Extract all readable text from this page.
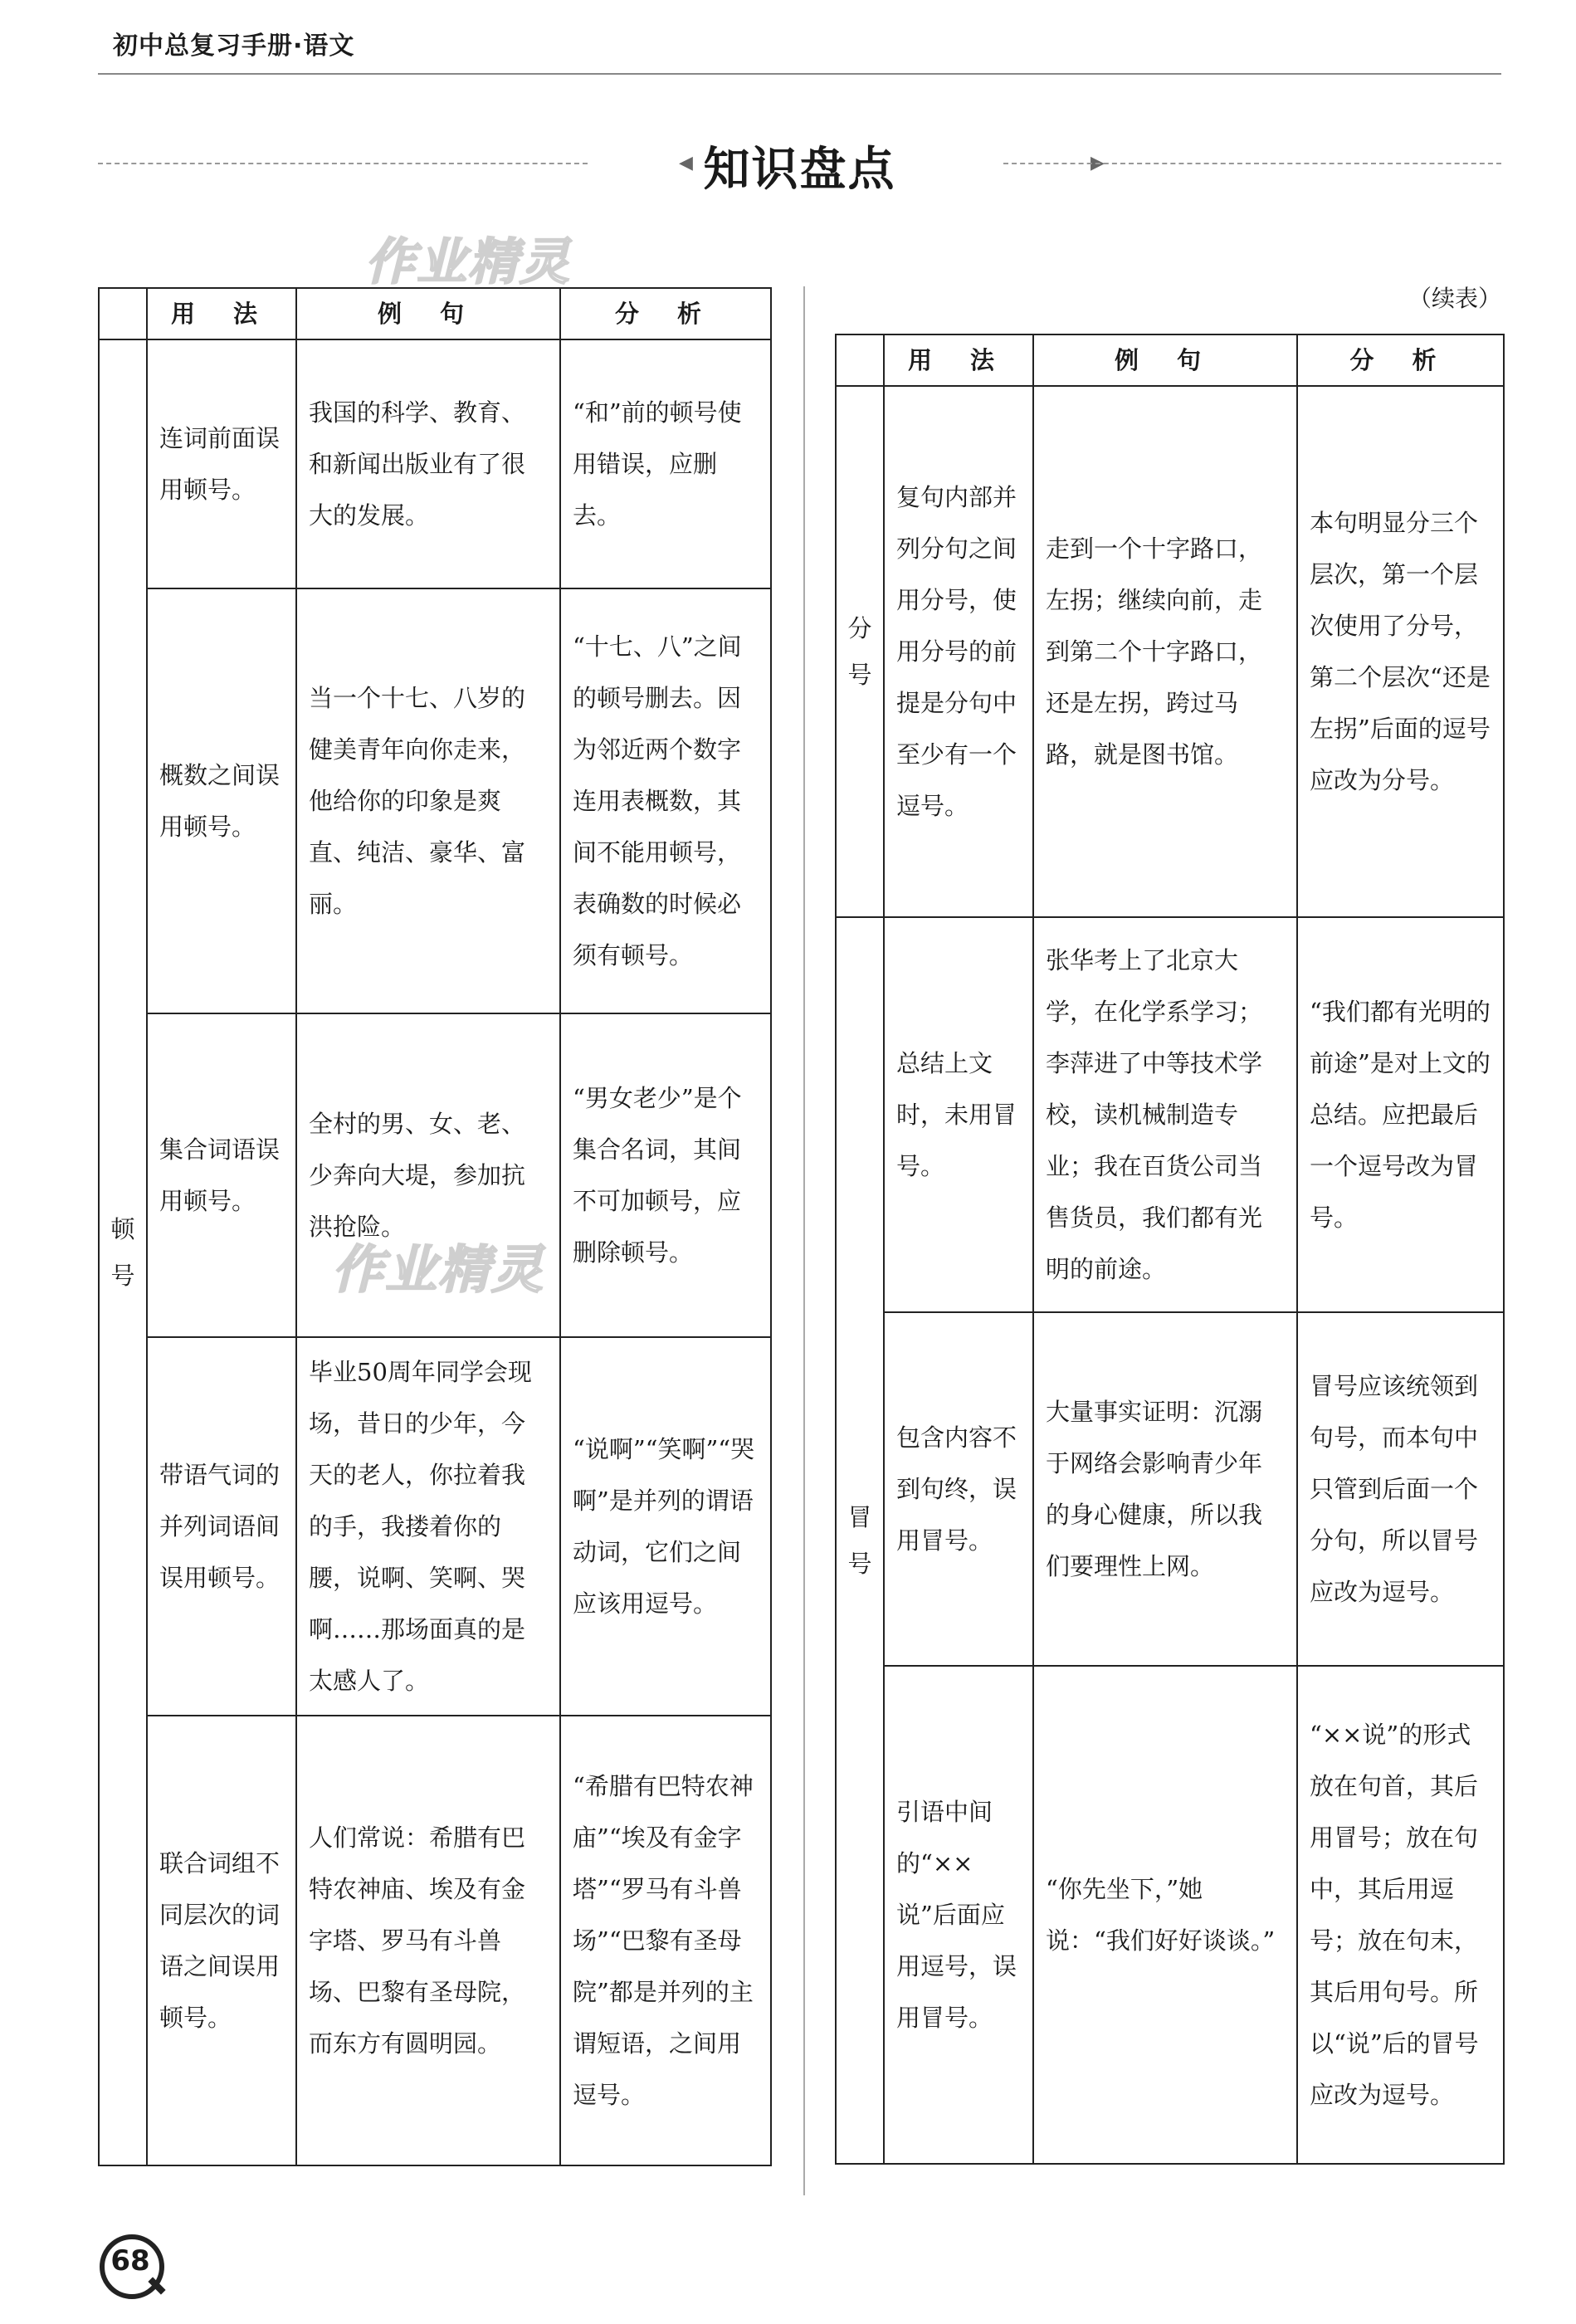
初中总复习手册·语文
◀ 知识盘点	▶
作业精灵
（续表）
	用 法	例 句	分 析

顿
号	连词前面误用顿号。	我国的科学、教育、和新闻出版业有了很大的发展。	“和”前的顿号使用错误，应删去。
	概数之间误用顿号。	当一个十七、八岁的健美青年向你走来，他给你的印象是爽直、纯洁、豪华、富丽。	“十七、八”之间的顿号删去。因为邻近两个数字连用表概数，其间不能用顿号，表确数的时候必须有顿号。
	集合词语误用顿号。	全村的男、女、老、少奔向大堤，参加抗洪抢险。	“男女老少”是个集合名词，其间不可加顿号，应删除顿号。
	带语气词的并列词语间误用顿号。	毕业50周年同学会现场，昔日的少年，今天的老人，你拉着我的手，我搂着你的腰，说啊、笑啊、哭啊……那场面真的是太感人了。	“说啊”“笑啊”“哭啊”是并列的谓语动词，它们之间应该用逗号。
	联合词组不同层次的词语之间误用顿号。	人们常说：希腊有巴特农神庙、埃及有金字塔、罗马有斗兽场、巴黎有圣母院，而东方有圆明园。	“希腊有巴特农神庙”“埃及有金字塔”“罗马有斗兽场”“巴黎有圣母院”都是并列的主谓短语，之间用逗号。
作业精灵
	用 法	例 句	分 析

分
号	复句内部并列分句之间用分号，使用分号的前提是分句中至少有一个逗号。	走到一个十字路口，左拐；继续向前，走到第二个十字路口，还是左拐，跨过马路，就是图书馆。	本句明显分三个层次，第一个层次使用了分号，第二个层次“还是左拐”后面的逗号应改为分号。

冒
号	总结上文时，未用冒号。	张华考上了北京大学，在化学系学习；李萍进了中等技术学校，读机械制造专业；我在百货公司当售货员，我们都有光明的前途。	“我们都有光明的前途”是对上文的总结。应把最后一个逗号改为冒号。
	包含内容不到句终，误用冒号。	大量事实证明：沉溺于网络会影响青少年的身心健康，所以我们要理性上网。	冒号应该统领到句号，而本句中只管到后面一个分句，所以冒号应改为逗号。
	引语中间的“××说”后面应用逗号，误用冒号。	“你先坐下，”她说：“我们好好谈谈。”	“××说”的形式放在句首，其后用冒号；放在句中，其后用逗号；放在句末，其后用句号。所以“说”后的冒号应改为逗号。
68
